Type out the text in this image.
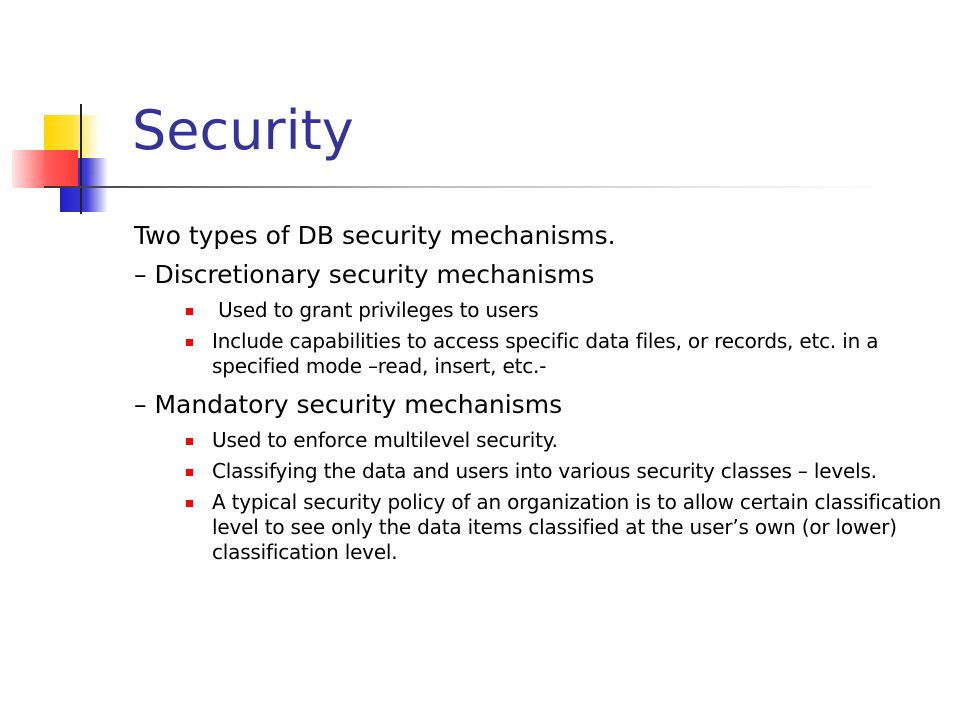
Security

Two types of DB security mechanisms.

– Discretionary security mechanisms

Used to grant privileges to users
Include capabilities to access specific data files, or records, etc. in a specified mode –read, insert, etc.-

– Mandatory security mechanisms

Used to enforce multilevel security.
Classifying the data and users into various security classes – levels.
A typical security policy of an organization is to allow certain classification level to see only the data items classified at the user’s own (or lower) classification level.
